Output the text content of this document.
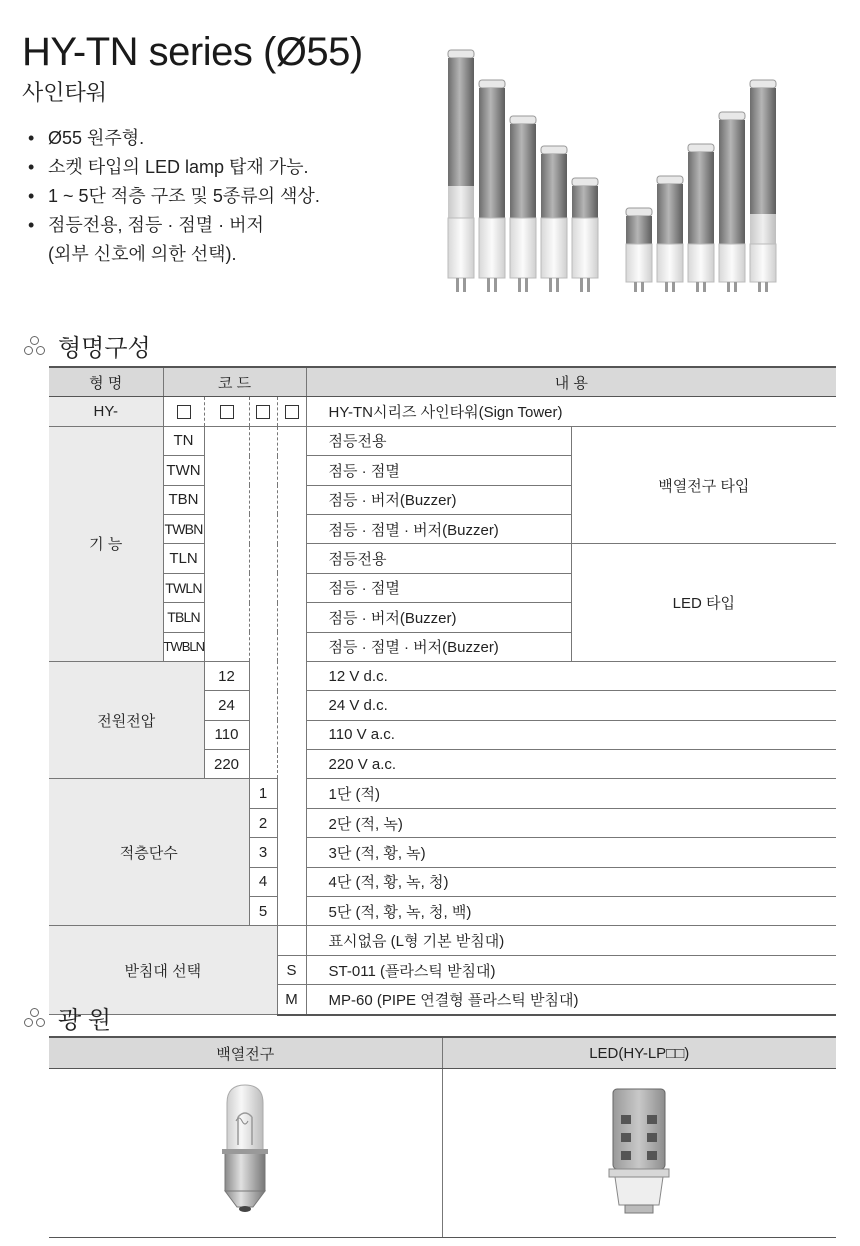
HY-TN series (Ø55)
사인타워
• Ø55 원주형.
• 소켓 타입의 LED lamp 탑재 가능.
• 1 ~ 5단 적층 구조 및 5종류의 색상.
• 점등전용, 점등 · 점멸 · 버저
(외부 신호에 의한 선택).
형명구성
형 명	코 드				내 용	
HY-					HY-TN시리즈 사인타워(Sign Tower)	
기 능	TN				점등전용	백열전구 타입
	TWN				점등 · 점멸	
	TBN				점등 · 버저(Buzzer)	
	TWBN				점등 · 점멸 · 버저(Buzzer)	
	TLN				점등전용	LED 타입
	TWLN				점등 · 점멸	
	TBLN				점등 · 버저(Buzzer)	
	TWBLN				점등 · 점멸 · 버저(Buzzer)	
전원전압		12			12 V d.c.	
		24			24 V d.c.	
		110			110 V a.c.	
		220			220 V a.c.	
적층단수			1		1단 (적)	
			2		2단 (적, 녹)	
			3		3단 (적, 황, 녹)	
			4		4단 (적, 황, 녹, 청)	
			5		5단 (적, 황, 녹, 청, 백)	
받침대 선택					표시없음 (L형 기본 받침대)	
				S	ST-011 (플라스틱 받침대)	
				M	MP-60 (PIPE 연결형 플라스틱 받침대)	
광 원
백열전구	LED(HY-LP□□)
